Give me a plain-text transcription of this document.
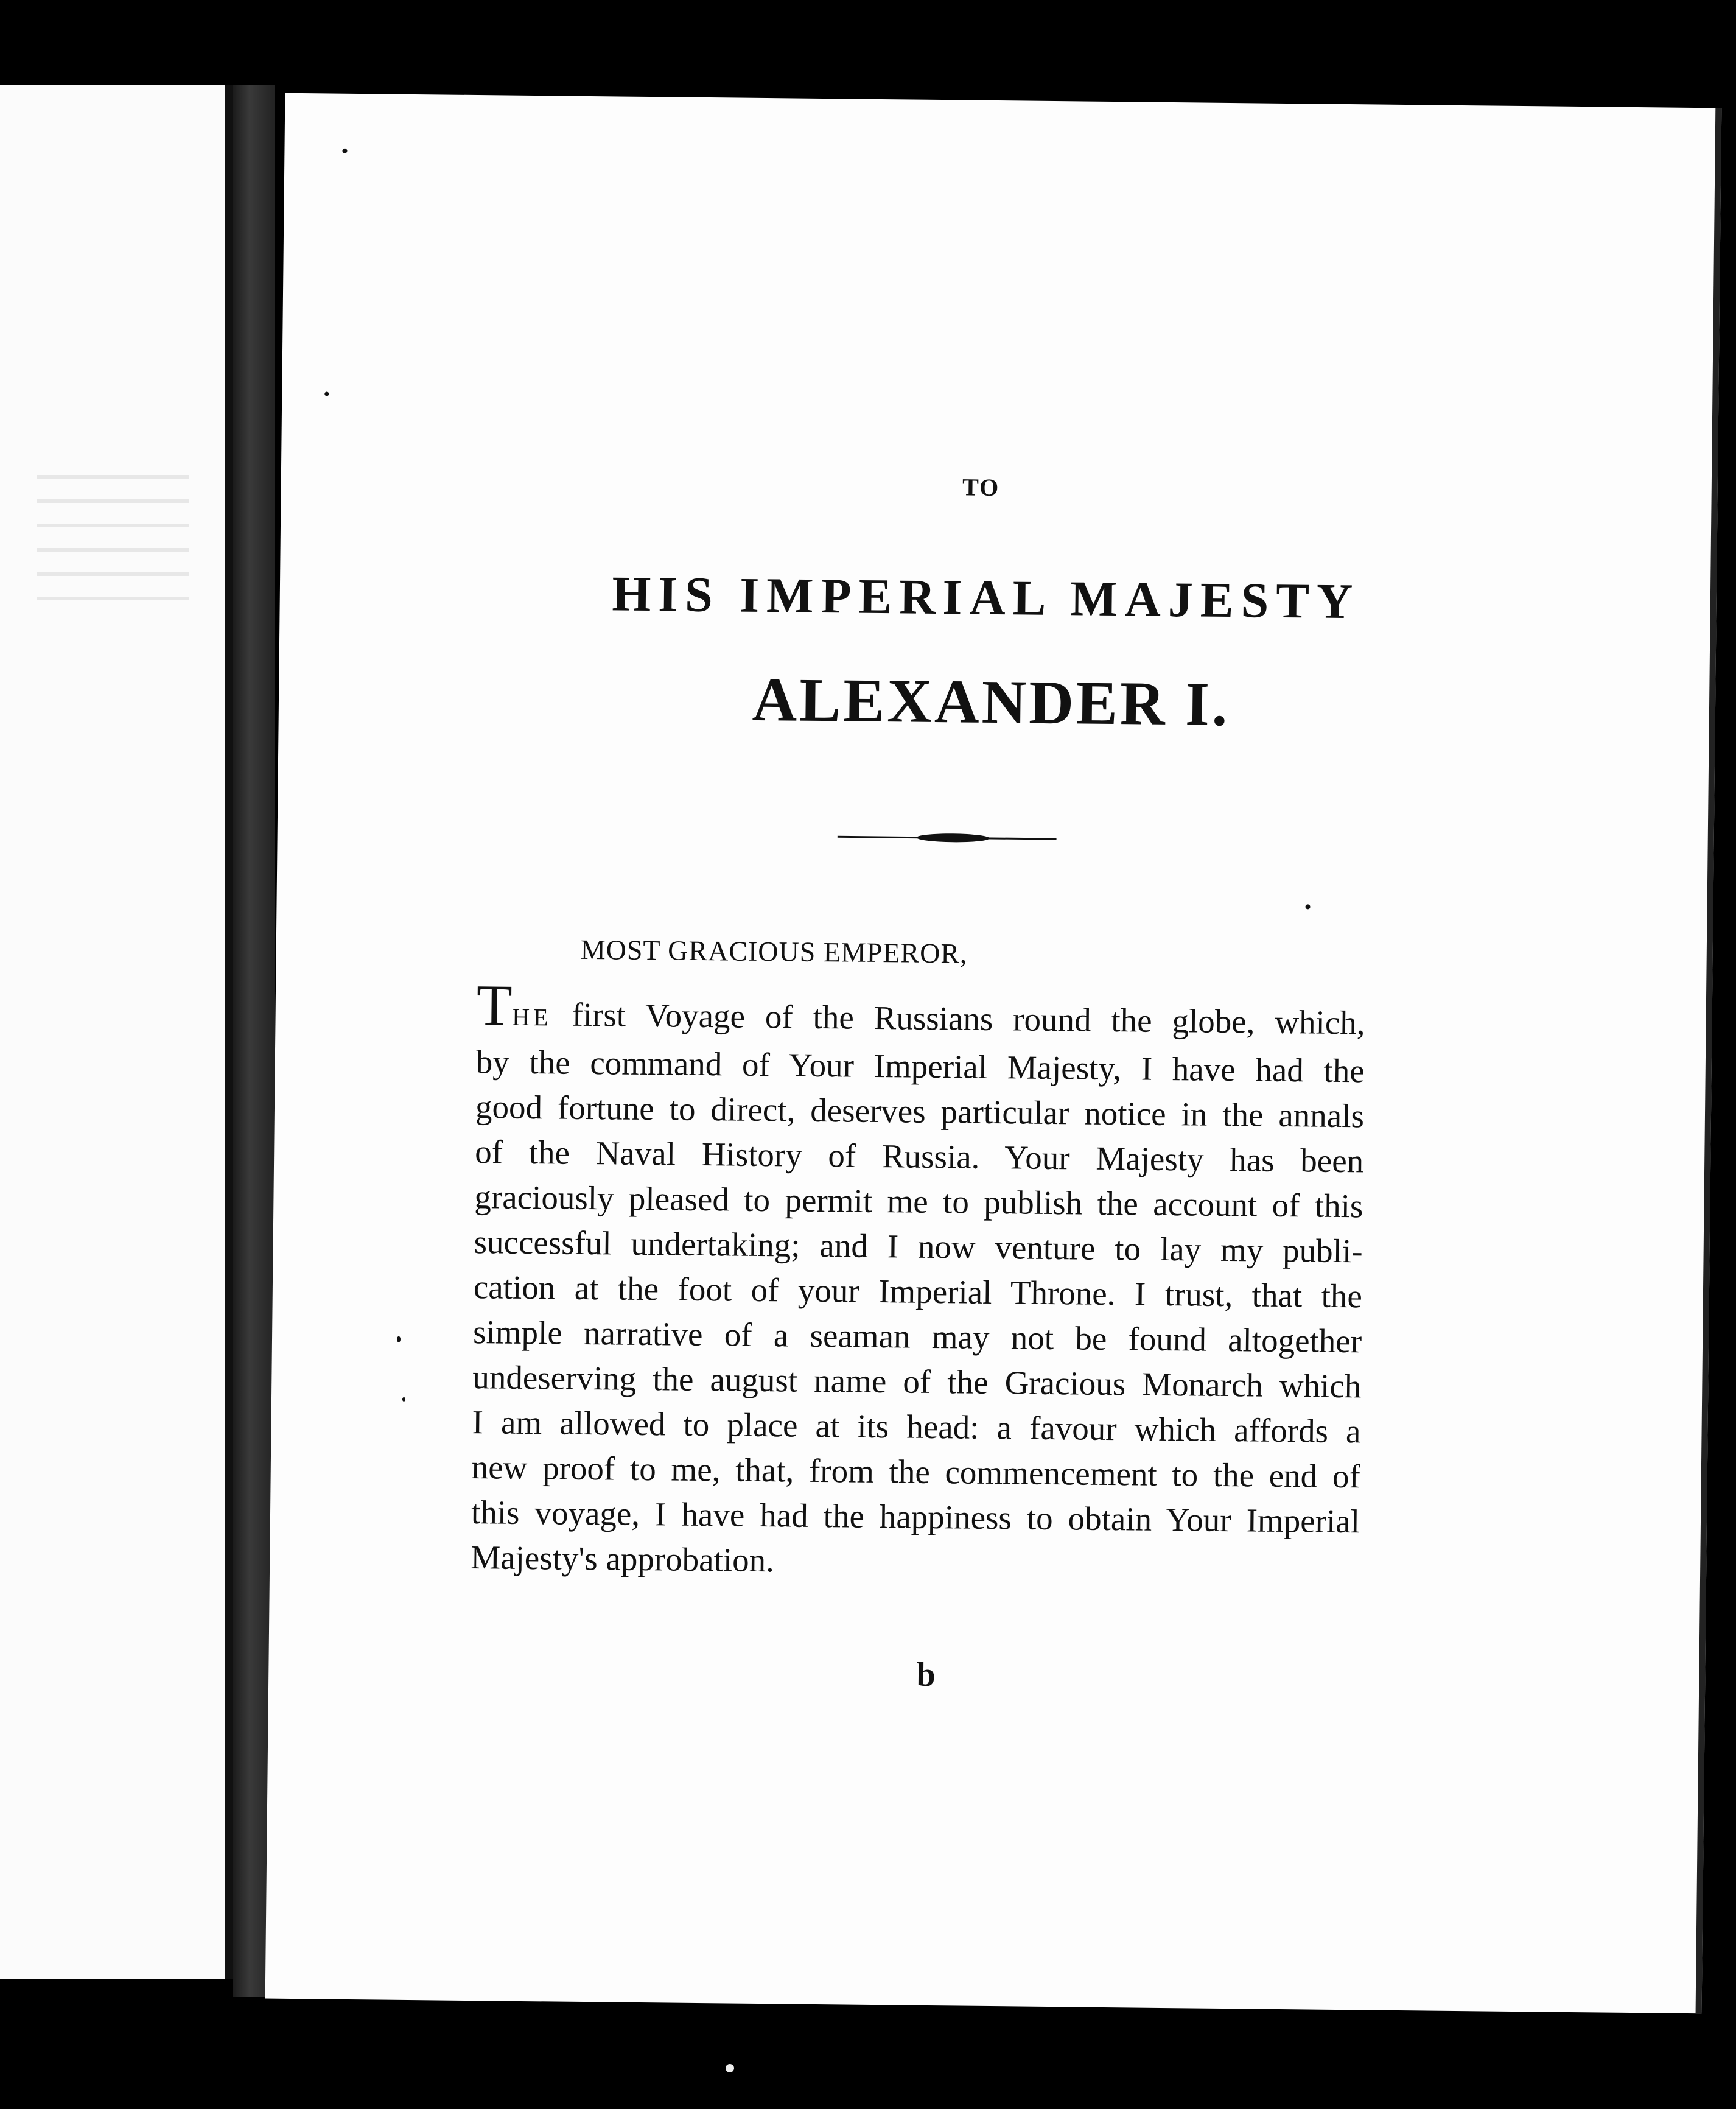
TO
HIS IMPERIAL MAJESTY
ALEXANDER I.
MOST GRACIOUS EMPEROR,
THE first Voyage of the Russians round the globe, which,
by the command of Your Imperial Majesty, I have had the
good fortune to direct, deserves particular notice in the annals
of the Naval History of Russia. Your Majesty has been
graciously pleased to permit me to publish the account of this
successful undertaking; and I now venture to lay my publi-
cation at the foot of your Imperial Throne. I trust, that the
simple narrative of a seaman may not be found altogether
undeserving the august name of the Gracious Monarch which
I am allowed to place at its head: a favour which affords a
new proof to me, that, from the commencement to the end of
this voyage, I have had the happiness to obtain Your Imperial
Majesty's approbation.
b
